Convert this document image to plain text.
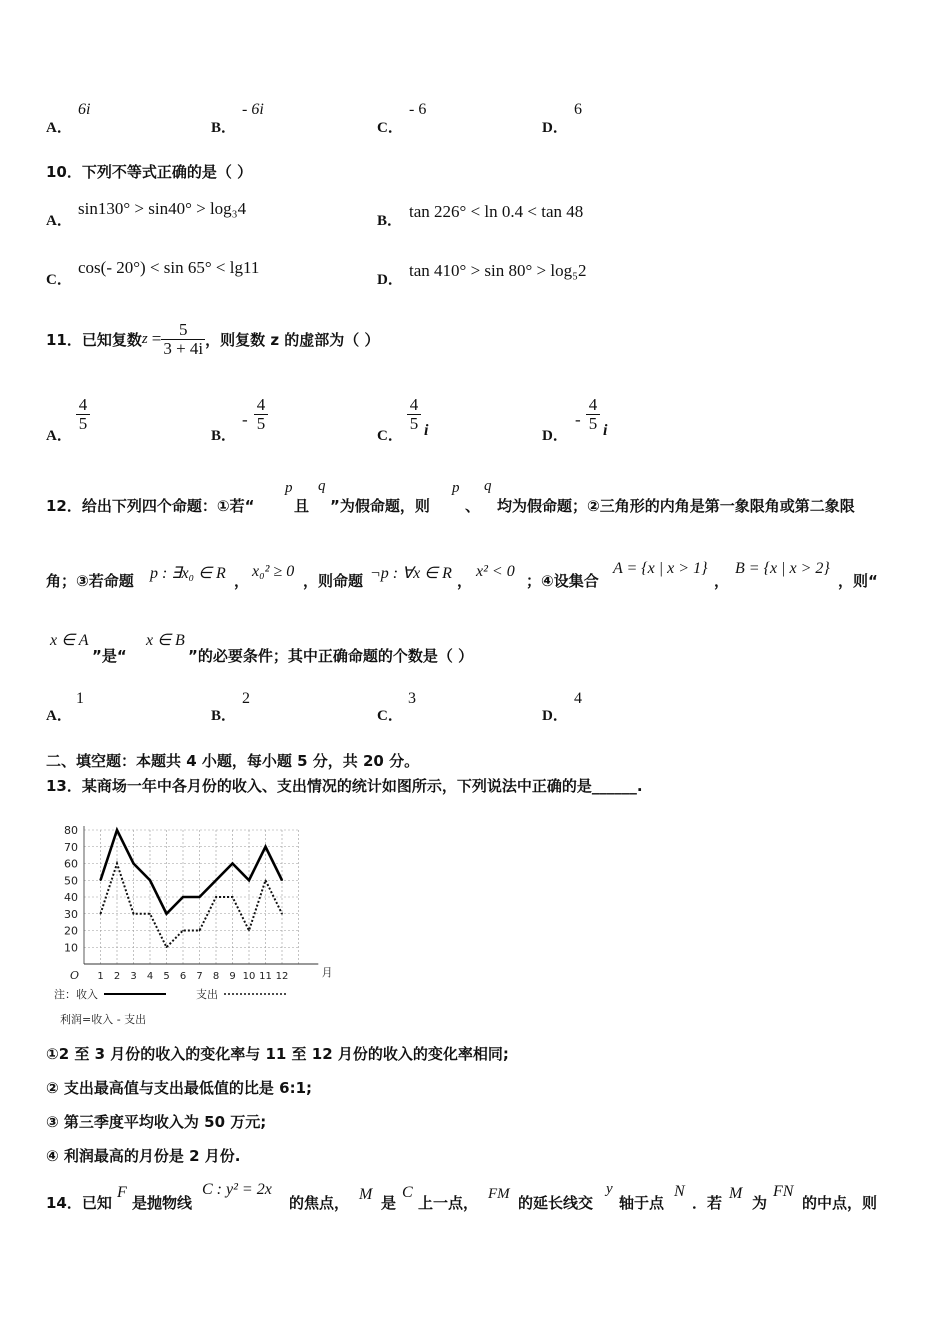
A．
6i
B．
- 6i
C．
- 6
D．
6
10．下列不等式正确的是（ ）
A．
sin130° > sin40° > log₃4
B． tan 226° < ln 0.4 < tan 48
C．
cos(- 20°) < sin 65° < lg11
D． tan 410° > sin 80° > log₅2
11．已知复数 $z = \frac{5}{3 + 4i}$ ，则复数 z 的虚部为（ ）
A．
4
5
B．
-
4
5
C．
4
5 i	D．
-
4
5 i
12．给出下列四个命题：①若“
p
且
q
”为假命题，则
p
、
q
均为假命题；②三角形的内角是第一象限角或第二象限
角；③若命题 p : ∃x₀ ∈ R ，
x₀² ≥ 0
，则命题 ¬p : ∀x ∈ R ，
x² < 0
；④设集合
A = {x | x > 1}
，
B = {x | x > 2}
，则“
x ∈ A
”是“
x ∈ B
”的必要条件；其中正确命题的个数是（ ）
A．
1
B．
2
C．
3
D．
4
二、填空题：本题共 4 小题，每小题 5 分，共 20 分。
13．某商场一年中各月份的收入、支出情况的统计如图所示，下列说法中正确的是______.
80
70
60
50
40
30
20
10
1 2 3 4 5 6 7 8 9 10 11 12
O	月
注：收入	支出
利润=收入 - 支出
①2 至 3 月份的收入的变化率与 11 至 12 月份的收入的变化率相同;
② 支出最高值与支出最低值的比是 6:1;
③ 第三季度平均收入为 50 万元;
④ 利润最高的月份是 2 月份.
14．已知
F
是抛物线
C : y² = 2x
的焦点， M 是
C
上一点， FM 的延长线交
y
轴于点
N
．若
M
为
FN
的中点，则
